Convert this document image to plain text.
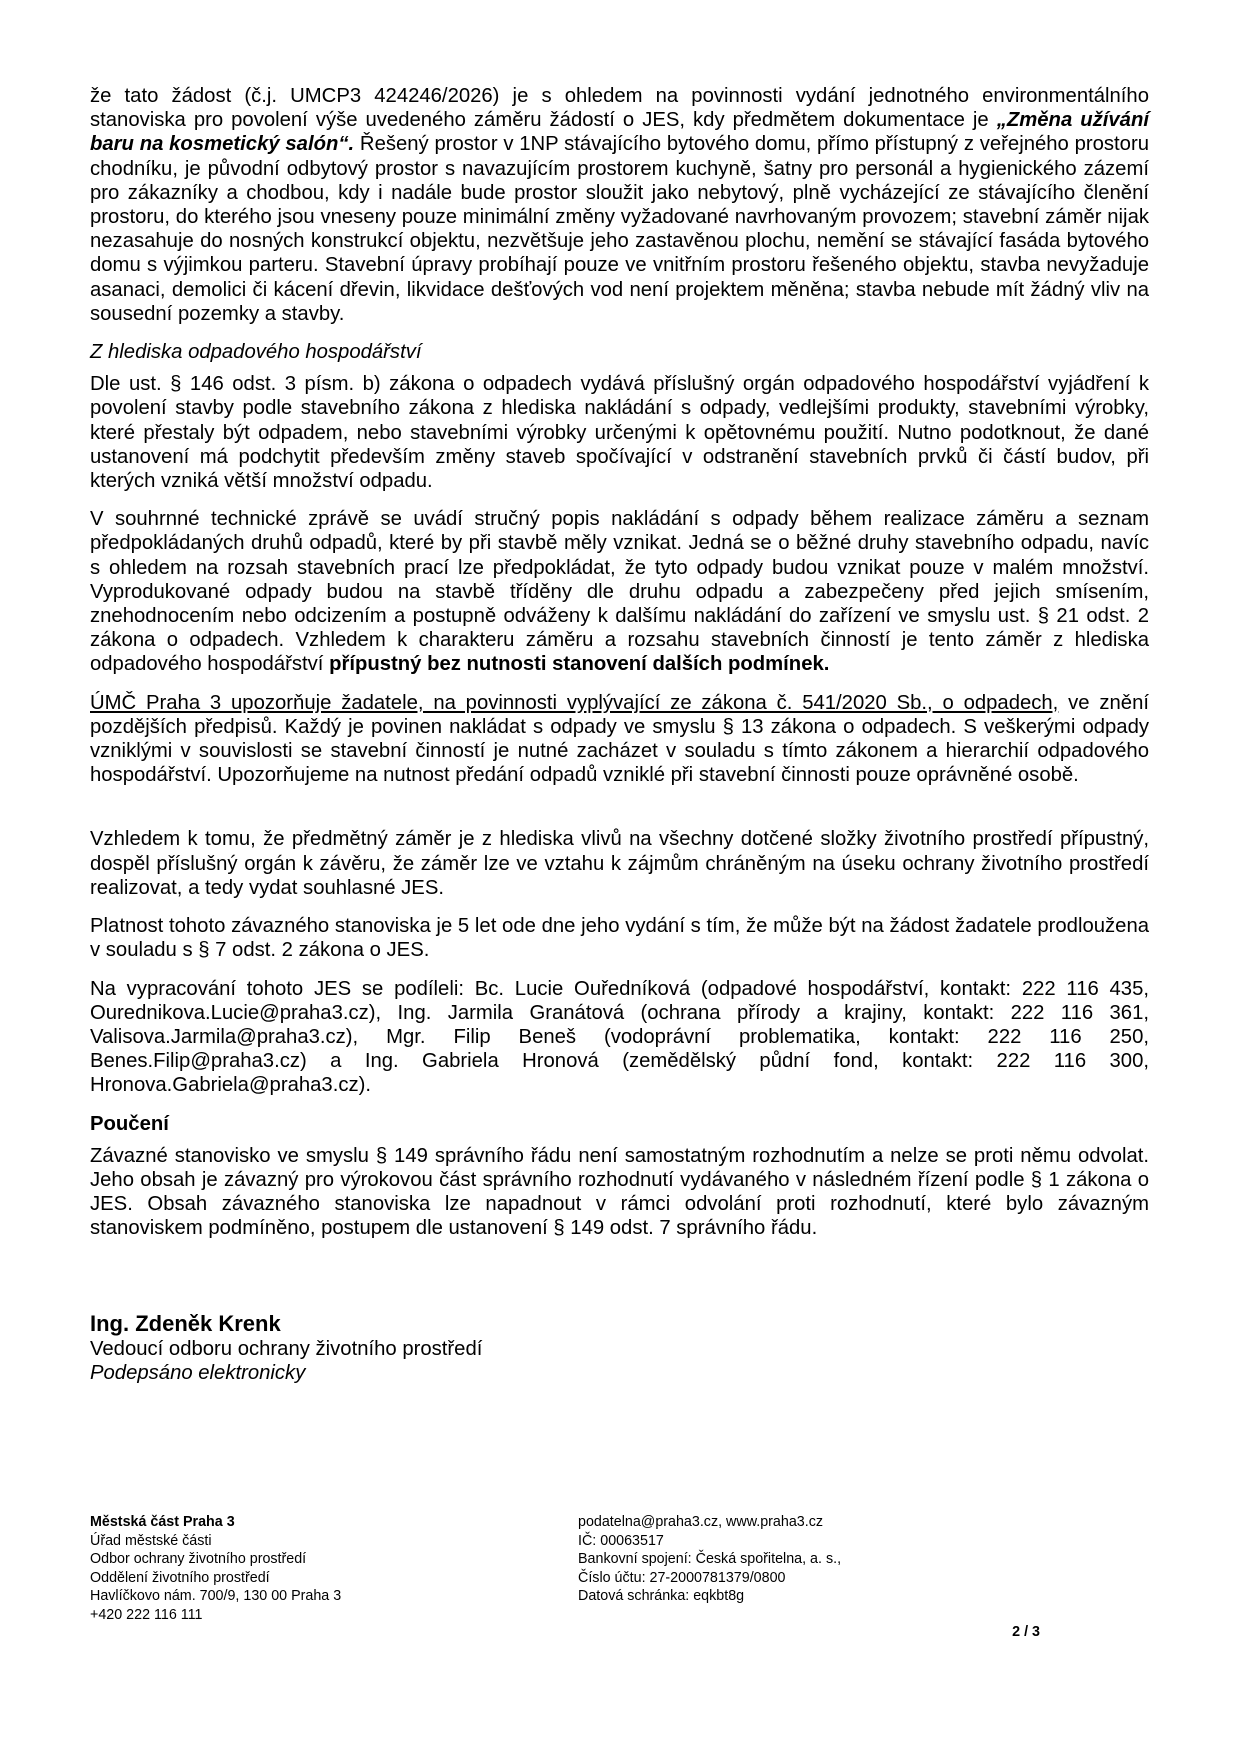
že tato žádost (č.j. UMCP3 424246/2026) je s ohledem na povinnosti vydání jednotného environmentálního stanoviska pro povolení výše uvedeného záměru žádostí o JES, kdy předmětem dokumentace je „Změna užívání baru na kosmetický salón“. Řešený prostor v 1NP stávajícího bytového domu, přímo přístupný z veřejného prostoru chodníku, je původní odbytový prostor s navazujícím prostorem kuchyně, šatny pro personál a hygienického zázemí pro zákazníky a chodbou, kdy i nadále bude prostor sloužit jako nebytový, plně vycházející ze stávajícího členění prostoru, do kterého jsou vneseny pouze minimální změny vyžadované navrhovaným provozem; stavební záměr nijak nezasahuje do nosných konstrukcí objektu, nezvětšuje jeho zastavěnou plochu, nemění se stávající fasáda bytového domu s výjimkou parteru. Stavební úpravy probíhají pouze ve vnitřním prostoru řešeného objektu, stavba nevyžaduje asanaci, demolici či kácení dřevin, likvidace dešťových vod není projektem měněna; stavba nebude mít žádný vliv na sousední pozemky a stavby.

Z hlediska odpadového hospodářství

Dle ust. § 146 odst. 3 písm. b) zákona o odpadech vydává příslušný orgán odpadového hospodářství vyjádření k povolení stavby podle stavebního zákona z hlediska nakládání s odpady, vedlejšími produkty, stavebními výrobky, které přestaly být odpadem, nebo stavebními výrobky určenými k opětovnému použití. Nutno podotknout, že dané ustanovení má podchytit především změny staveb spočívající v odstranění stavebních prvků či částí budov, při kterých vzniká větší množství odpadu.

V souhrnné technické zprávě se uvádí stručný popis nakládání s odpady během realizace záměru a seznam předpokládaných druhů odpadů, které by při stavbě měly vznikat. Jedná se o běžné druhy stavebního odpadu, navíc s ohledem na rozsah stavebních prací lze předpokládat, že tyto odpady budou vznikat pouze v malém množství. Vyprodukované odpady budou na stavbě tříděny dle druhu odpadu a zabezpečeny před jejich smísením, znehodnocením nebo odcizením a postupně odváženy k dalšímu nakládání do zařízení ve smyslu ust. § 21 odst. 2 zákona o odpadech. Vzhledem k charakteru záměru a rozsahu stavebních činností je tento záměr z hlediska odpadového hospodářství přípustný bez nutnosti stanovení dalších podmínek.

ÚMČ Praha 3 upozorňuje žadatele, na povinnosti vyplývající ze zákona č. 541/2020 Sb., o odpadech, ve znění pozdějších předpisů. Každý je povinen nakládat s odpady ve smyslu § 13 zákona o odpadech. S veškerými odpady vzniklými v souvislosti se stavební činností je nutné zacházet v souladu s tímto zákonem a hierarchií odpadového hospodářství. Upozorňujeme na nutnost předání odpadů vzniklé při stavební činnosti pouze oprávněné osobě.

Vzhledem k tomu, že předmětný záměr je z hlediska vlivů na všechny dotčené složky životního prostředí přípustný, dospěl příslušný orgán k závěru, že záměr lze ve vztahu k zájmům chráněným na úseku ochrany životního prostředí realizovat, a tedy vydat souhlasné JES.

Platnost tohoto závazného stanoviska je 5 let ode dne jeho vydání s tím, že může být na žádost žadatele prodloužena v souladu s § 7 odst. 2 zákona o JES.

Na vypracování tohoto JES se podíleli: Bc. Lucie Ouředníková (odpadové hospodářství, kontakt: 222 116 435, Ourednikova.Lucie@praha3.cz), Ing. Jarmila Granátová (ochrana přírody a krajiny, kontakt: 222 116 361, Valisova.Jarmila@praha3.cz), Mgr. Filip Beneš (vodoprávní problematika, kontakt: 222 116 250, Benes.Filip@praha3.cz) a Ing. Gabriela Hronová (zemědělský půdní fond, kontakt: 222 116 300, Hronova.Gabriela@praha3.cz).

Poučení

Závazné stanovisko ve smyslu § 149 správního řádu není samostatným rozhodnutím a nelze se proti němu odvolat. Jeho obsah je závazný pro výrokovou část správního rozhodnutí vydávaného v následném řízení podle § 1 zákona o JES. Obsah závazného stanoviska lze napadnout v rámci odvolání proti rozhodnutí, které bylo závazným stanoviskem podmíněno, postupem dle ustanovení § 149 odst. 7 správního řádu.

Ing. Zdeněk Krenk
Vedoucí odboru ochrany životního prostředí
Podepsáno elektronicky
Městská část Praha 3
Úřad městské části
Odbor ochrany životního prostředí
Oddělení životního prostředí
Havlíčkovo nám. 700/9, 130 00 Praha 3
+420 222 116 111
podatelna@praha3.cz, www.praha3.cz
IČ: 00063517
Bankovní spojení: Česká spořitelna, a. s.,
Číslo účtu: 27-2000781379/0800
Datová schránka: eqkbt8g
2 / 3
